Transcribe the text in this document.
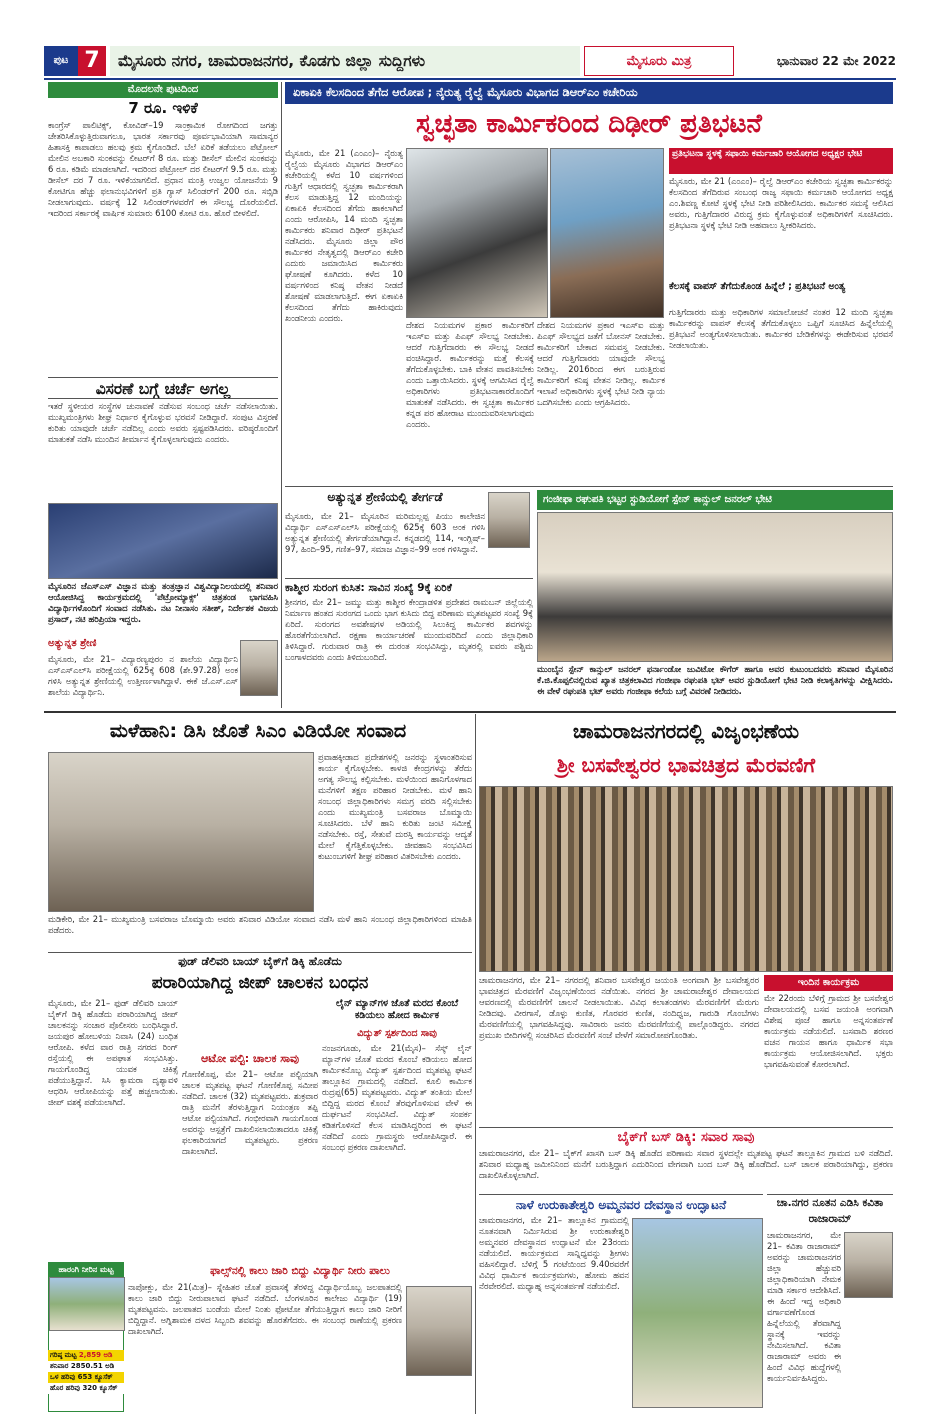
ಪುಟ 7	ಮೈಸೂರು ನಗರ, ಚಾಮರಾಜನಗರ, ಕೊಡಗು ಜಿಲ್ಲಾ ಸುದ್ದಿಗಳು	ಮೈಸೂರು ಮಿತ್ರ	ಭಾನುವಾರ 22 ಮೇ 2022
ಮೊದಲನೇ ಪುಟದಿಂದ
7 ರೂ. ಇಳಿಕೆ
ಕಾಂಗ್ರೆಸ್ ಪಾಲಿಟಿಕ್ಸ್‌, ಕೋವಿಡ್–19 ಸಾಂಕ್ರಾಮಿಕ ರೋಗದಿಂದ ಜಗತ್ತು ಚೇತರಿಸಿಕೊಳ್ಳುತ್ತಿರುವಾಗಲೂ, ಭಾರತ ಸರ್ಕಾರವು ಪೂರ್ವಭಾವಿಯಾಗಿ ಸಾಮಾನ್ಯರ ಹಿತಾಸಕ್ತಿ ಕಾಪಾಡಲು ಹಲವು ಕ್ರಮ ಕೈಗೊಂಡಿದೆ. ಬೆಲೆ ಏರಿಕೆ ತಡೆಯಲು ಪೆಟ್ರೋಲ್ ಮೇಲಿನ ಅಬಕಾರಿ ಸುಂಕವನ್ನು ಲೀಟರ್‌ಗೆ 8 ರೂ. ಮತ್ತು ಡೀಸೆಲ್ ಮೇಲಿನ ಸುಂಕವನ್ನು 6 ರೂ. ಕಡಿಮೆ ಮಾಡಲಾಗಿದೆ. ಇದರಿಂದ ಪೆಟ್ರೋಲ್ ದರ ಲೀಟರ್‌ಗೆ 9.5 ರೂ. ಮತ್ತು ಡೀಸೆಲ್ ದರ 7 ರೂ. ಇಳಿಕೆಯಾಗಲಿದೆ. ಪ್ರಧಾನ ಮಂತ್ರಿ ಉಜ್ವಲ ಯೋಜನೆಯ 9 ಕೋಟಿಗೂ ಹೆಚ್ಚು ಫಲಾನುಭವಿಗಳಿಗೆ ಪ್ರತಿ ಗ್ಯಾಸ್ ಸಿಲಿಂಡರ್‌ಗೆ 200 ರೂ. ಸಬ್ಸಿಡಿ ನೀಡಲಾಗುವುದು. ವರ್ಷಕ್ಕೆ 12 ಸಿಲಿಂಡರ್‌ಗಳವರೆಗೆ ಈ ಸೌಲಭ್ಯ ದೊರೆಯಲಿದೆ. ಇದರಿಂದ ಸರ್ಕಾರಕ್ಕೆ ವಾರ್ಷಿಕ ಸುಮಾರು 6100 ಕೋಟಿ ರೂ. ಹೊರೆ ಬೀಳಲಿದೆ.
ವಿಸರಣೆ ಬಗ್ಗೆ ಚರ್ಚೆ ಅಗಲ್ಲ
ಇತರೆ ಸ್ಥಳೀಯರ ಸಂಸ್ಥೆಗಳ ಚುನಾವಣೆ ನಡೆಸುವ ಸಂಬಂಧ ಚರ್ಚೆ ನಡೆಸಲಾಯಿತು. ಮುಖ್ಯಮಂತ್ರಿಗಳು ಶೀಘ್ರ ನಿರ್ಧಾರ ಕೈಗೊಳ್ಳುವ ಭರವಸೆ ನೀಡಿದ್ದಾರೆ. ಸಂಪುಟ ವಿಸ್ತರಣೆ ಕುರಿತು ಯಾವುದೇ ಚರ್ಚೆ ನಡೆದಿಲ್ಲ ಎಂದು ಅವರು ಸ್ಪಷ್ಟಪಡಿಸಿದರು. ವರಿಷ್ಠರೊಂದಿಗೆ ಮಾತುಕತೆ ನಡೆಸಿ ಮುಂದಿನ ತೀರ್ಮಾನ ಕೈಗೊಳ್ಳಲಾಗುವುದು ಎಂದರು.
ಮೈಸೂರಿನ ಜೆಎಸ್‌ಎಸ್ ವಿಜ್ಞಾನ ಮತ್ತು ತಂತ್ರಜ್ಞಾನ ವಿಶ್ವವಿದ್ಯಾನಿಲಯದಲ್ಲಿ ಶನಿವಾರ ಆಯೋಜಿಸಿದ್ದ ಕಾರ್ಯಕ್ರಮದಲ್ಲಿ 'ಪೆಟ್ರೋಮ್ಯಾಕ್ಸ್' ಚಿತ್ರತಂಡ ಭಾಗವಹಿಸಿ ವಿದ್ಯಾರ್ಥಿಗಳೊಂದಿಗೆ ಸಂವಾದ ನಡೆಸಿತು. ನಟ ನೀನಾಸಂ ಸತೀಶ್, ನಿರ್ದೇಶಕ ವಿಜಯ ಪ್ರಸಾದ್, ನಟಿ ಹರಿಪ್ರಿಯಾ ಇದ್ದರು.
ಅತ್ಯುನ್ನತ ಶ್ರೇಣಿ
ಮೈಸೂರು, ಮೇ 21– ವಿದ್ಯಾರಣ್ಯಪುರಂ ನ ಶಾಲೆಯ ವಿದ್ಯಾರ್ಥಿನಿ ಎಸ್‌ಎಸ್‌ಎಲ್‌ಸಿ ಪರೀಕ್ಷೆಯಲ್ಲಿ 625ಕ್ಕೆ 608 (ಶೇ.97.28) ಅಂಕ ಗಳಿಸಿ ಅತ್ಯುನ್ನತ ಶ್ರೇಣಿಯಲ್ಲಿ ಉತ್ತೀರ್ಣಳಾಗಿದ್ದಾಳೆ. ಈಕೆ ಜೆ.ಎಸ್.ಎಸ್ ಶಾಲೆಯ ವಿದ್ಯಾರ್ಥಿನಿ.
ಏಕಾಏಕಿ ಕೆಲಸದಿಂದ ತೆಗೆದ ಆರೋಪ ; ನೈರುತ್ಯ ರೈಲ್ವೆ ಮೈಸೂರು ವಿಭಾಗದ ಡಿಆರ್‌ಎಂ ಕಚೇರಿಯ
ಸ್ವಚ್ಛತಾ ಕಾರ್ಮಿಕರಿಂದ ದಿಢೀರ್ ಪ್ರತಿಭಟನೆ
ಮೈಸೂರು, ಮೇ 21 (ಎಂಎಂ)– ನೈರುತ್ಯ ರೈಲ್ವೆಯ ಮೈಸೂರು ವಿಭಾಗದ ಡಿಆರ್‌ಎಂ ಕಚೇರಿಯಲ್ಲಿ ಕಳೆದ 10 ವರ್ಷಗಳಿಂದ ಗುತ್ತಿಗೆ ಆಧಾರದಲ್ಲಿ ಸ್ವಚ್ಛತಾ ಕಾರ್ಮಿಕರಾಗಿ ಕೆಲಸ ಮಾಡುತ್ತಿದ್ದ 12 ಮಂದಿಯನ್ನು ಏಕಾಏಕಿ ಕೆಲಸದಿಂದ ತೆಗೆದು ಹಾಕಲಾಗಿದೆ ಎಂದು ಆರೋಪಿಸಿ, 14 ಮಂದಿ ಸ್ವಚ್ಛತಾ ಕಾರ್ಮಿಕರು ಶನಿವಾರ ದಿಢೀರ್ ಪ್ರತಿಭಟನೆ ನಡೆಸಿದರು. ಮೈಸೂರು ಜಿಲ್ಲಾ ಪೌರ ಕಾರ್ಮಿಕರ ನೇತೃತ್ವದಲ್ಲಿ ಡಿಆರ್‌ಎಂ ಕಚೇರಿ ಎದುರು ಜಮಾಯಿಸಿದ ಕಾರ್ಮಿಕರು ಘೋಷಣೆ ಕೂಗಿದರು. ಕಳೆದ 10 ವರ್ಷಗಳಿಂದ ಕನಿಷ್ಠ ವೇತನ ನೀಡದೆ ಶೋಷಣೆ ಮಾಡಲಾಗುತ್ತಿದೆ. ಈಗ ಏಕಾಏಕಿ ಕೆಲಸದಿಂದ ತೆಗೆದು ಹಾಕಿರುವುದು ಖಂಡನೀಯ ಎಂದರು.
ದೇಶದ ನಿಯಮಗಳ ಪ್ರಕಾರ ಕಾರ್ಮಿಕರಿಗೆ ಇಎಸ್‌ಐ ಮತ್ತು ಪಿಎಫ್ ಸೌಲಭ್ಯ ನೀಡಬೇಕು. ಆದರೆ ಗುತ್ತಿಗೆದಾರರು ಈ ಸೌಲಭ್ಯ ನೀಡದೆ ವಂಚಿಸಿದ್ದಾರೆ. ಕಾರ್ಮಿಕರನ್ನು ಮತ್ತೆ ಕೆಲಸಕ್ಕೆ ತೆಗೆದುಕೊಳ್ಳಬೇಕು. ಬಾಕಿ ವೇತನ ಪಾವತಿಸಬೇಕು ಎಂದು ಒತ್ತಾಯಿಸಿದರು. ಸ್ಥಳಕ್ಕೆ ಆಗಮಿಸಿದ ರೈಲ್ವೆ ಅಧಿಕಾರಿಗಳು ಪ್ರತಿಭಟನಾಕಾರರೊಂದಿಗೆ ಮಾತುಕತೆ ನಡೆಸಿದರು. ಈ ಸ್ವಚ್ಛತಾ ಕಾರ್ಮಿಕರ ಕನ್ನಡ ಪರ ಹೋರಾಟ ಮುಂದುವರಿಸಲಾಗುವುದು ಎಂದರು.
ದೇಶದ ನಿಯಮಗಳ ಪ್ರಕಾರ ಇಎಸ್‌ಐ ಮತ್ತು ಪಿಎಫ್ ಸೌಲಭ್ಯದ ಜತೆಗೆ ಬೋನಸ್ ನೀಡಬೇಕು. ಕಾರ್ಮಿಕರಿಗೆ ಬೇಕಾದ ಸಮವಸ್ತ್ರ ನೀಡಬೇಕು. ಆದರೆ ಗುತ್ತಿಗೆದಾರರು ಯಾವುದೇ ಸೌಲಭ್ಯ ನೀಡಿಲ್ಲ. 2016ರಿಂದ ಈಗ ಬರುತ್ತಿರುವ ಕಾರ್ಮಿಕರಿಗೆ ಕನಿಷ್ಠ ವೇತನ ನೀಡಿಲ್ಲ. ಕಾರ್ಮಿಕ ಇಲಾಖೆ ಅಧಿಕಾರಿಗಳು ಸ್ಥಳಕ್ಕೆ ಭೇಟಿ ನೀಡಿ ನ್ಯಾಯ ಒದಗಿಸಬೇಕು ಎಂದು ಆಗ್ರಹಿಸಿದರು.
ಪ್ರತಿಭಟನಾ ಸ್ಥಳಕ್ಕೆ ಸಫಾಯಿ ಕರ್ಮಚಾರಿ ಆಯೋಗದ ಅಧ್ಯಕ್ಷರ ಭೇಟಿ
ಮೈಸೂರು, ಮೇ 21 (ಎಂಎಂ)– ರೈಲ್ವೆ ಡಿಆರ್‌ಎಂ ಕಚೇರಿಯ ಸ್ವಚ್ಛತಾ ಕಾರ್ಮಿಕರನ್ನು ಕೆಲಸದಿಂದ ತೆಗೆದಿರುವ ಸಂಬಂಧ ರಾಜ್ಯ ಸಫಾಯಿ ಕರ್ಮಚಾರಿ ಆಯೋಗದ ಅಧ್ಯಕ್ಷ ಎಂ.ಶಿವಣ್ಣ ಕೋಟೆ ಸ್ಥಳಕ್ಕೆ ಭೇಟಿ ನೀಡಿ ಪರಿಶೀಲಿಸಿದರು. ಕಾರ್ಮಿಕರ ಸಮಸ್ಯೆ ಆಲಿಸಿದ ಅವರು, ಗುತ್ತಿಗೆದಾರರ ವಿರುದ್ಧ ಕ್ರಮ ಕೈಗೊಳ್ಳುವಂತೆ ಅಧಿಕಾರಿಗಳಿಗೆ ಸೂಚಿಸಿದರು. ಪ್ರತಿಭಟನಾ ಸ್ಥಳಕ್ಕೆ ಭೇಟಿ ನೀಡಿ ಅಹವಾಲು ಸ್ವೀಕರಿಸಿದರು.
ಕೆಲಸಕ್ಕೆ ವಾಪಸ್ ತೆಗೆದುಕೊಂಡ ಹಿನ್ನೆಲೆ ; ಪ್ರತಿಭಟನೆ ಅಂತ್ಯ
ಗುತ್ತಿಗೆದಾರರು ಮತ್ತು ಅಧಿಕಾರಿಗಳ ಸಮಾಲೋಚನೆ ನಂತರ 12 ಮಂದಿ ಸ್ವಚ್ಛತಾ ಕಾರ್ಮಿಕರನ್ನು ವಾಪಸ್ ಕೆಲಸಕ್ಕೆ ತೆಗೆದುಕೊಳ್ಳಲು ಒಪ್ಪಿಗೆ ಸೂಚಿಸಿದ ಹಿನ್ನೆಲೆಯಲ್ಲಿ ಪ್ರತಿಭಟನೆ ಅಂತ್ಯಗೊಳಿಸಲಾಯಿತು. ಕಾರ್ಮಿಕರ ಬೇಡಿಕೆಗಳನ್ನು ಈಡೇರಿಸುವ ಭರವಸೆ ನೀಡಲಾಯಿತು.
ಅತ್ಯುನ್ನತ ಶ್ರೇಣಿಯಲ್ಲಿ ತೇರ್ಗಡೆ
ಮೈಸೂರು, ಮೇ 21– ಮೈಸೂರಿನ ಮರಿಮಲ್ಲಪ್ಪ ಪಿಯು ಕಾಲೇಜಿನ ವಿದ್ಯಾರ್ಥಿ ಎಸ್‌ಎಸ್‌ಎಲ್‌ಸಿ ಪರೀಕ್ಷೆಯಲ್ಲಿ 625ಕ್ಕೆ 603 ಅಂಕ ಗಳಿಸಿ ಅತ್ಯುನ್ನತ ಶ್ರೇಣಿಯಲ್ಲಿ ತೇರ್ಗಡೆಯಾಗಿದ್ದಾನೆ. ಕನ್ನಡದಲ್ಲಿ 114, ಇಂಗ್ಲಿಷ್–97, ಹಿಂದಿ–95, ಗಣಿತ–97, ಸಮಾಜ ವಿಜ್ಞಾನ–99 ಅಂಕ ಗಳಿಸಿದ್ದಾನೆ.
ಕಾಶ್ಮೀರ ಸುರಂಗ ಕುಸಿತ: ಸಾವಿನ ಸಂಖ್ಯೆ 9ಕ್ಕೆ ಏರಿಕೆ
ಶ್ರೀನಗರ, ಮೇ 21– ಜಮ್ಮು ಮತ್ತು ಕಾಶ್ಮೀರ ಕೇಂದ್ರಾಡಳಿತ ಪ್ರದೇಶದ ರಾಮಬನ್ ಜಿಲ್ಲೆಯಲ್ಲಿ ನಿರ್ಮಾಣ ಹಂತದ ಸುರಂಗದ ಒಂದು ಭಾಗ ಕುಸಿದು ಬಿದ್ದ ಪರಿಣಾಮ ಮೃತಪಟ್ಟವರ ಸಂಖ್ಯೆ 9ಕ್ಕೆ ಏರಿದೆ. ಸುರಂಗದ ಅವಶೇಷಗಳ ಅಡಿಯಲ್ಲಿ ಸಿಲುಕಿದ್ದ ಕಾರ್ಮಿಕರ ಶವಗಳನ್ನು ಹೊರತೆಗೆಯಲಾಗಿದೆ. ರಕ್ಷಣಾ ಕಾರ್ಯಾಚರಣೆ ಮುಂದುವರಿದಿದೆ ಎಂದು ಜಿಲ್ಲಾಧಿಕಾರಿ ತಿಳಿಸಿದ್ದಾರೆ. ಗುರುವಾರ ರಾತ್ರಿ ಈ ದುರಂತ ಸಂಭವಿಸಿದ್ದು, ಮೃತರಲ್ಲಿ ಐವರು ಪಶ್ಚಿಮ ಬಂಗಾಳದವರು ಎಂದು ತಿಳಿದುಬಂದಿದೆ.
ಗಂಜೀಫಾ ರಘುಪತಿ ಭಟ್ಟರ ಸ್ಟುಡಿಯೋಗೆ ಸ್ಪೇನ್ ಕಾನ್ಸುಲ್ ಜನರಲ್ ಭೇಟಿ
ಮುಂಬೈನ ಸ್ಪೇನ್ ಕಾನ್ಸುಲ್ ಜನರಲ್ ಫರ್ನಾಂಡೋ ಜುವಿಟೋ ಕೌಗೆರ್ ಹಾಗೂ ಅವರ ಕುಟುಂಬದವರು ಶನಿವಾರ ಮೈಸೂರಿನ ಕೆ.ಜಿ.ಕೊಪ್ಪಲಿನಲ್ಲಿರುವ ಖ್ಯಾತ ಚಿತ್ರಕಲಾವಿದ ಗಂಜೀಫಾ ರಘುಪತಿ ಭಟ್ ಅವರ ಸ್ಟುಡಿಯೋಗೆ ಭೇಟಿ ನೀಡಿ ಕಲಾಕೃತಿಗಳನ್ನು ವೀಕ್ಷಿಸಿದರು. ಈ ವೇಳೆ ರಘುಪತಿ ಭಟ್ ಅವರು ಗಂಜೀಫಾ ಕಲೆಯ ಬಗ್ಗೆ ವಿವರಣೆ ನೀಡಿದರು.
ಮಳೆಹಾನಿ: ಡಿಸಿ ಜೊತೆ ಸಿಎಂ ವಿಡಿಯೋ ಸಂವಾದ
ಪ್ರವಾಹಕ್ಕೀಡಾದ ಪ್ರದೇಶಗಳಲ್ಲಿ ಜನರನ್ನು ಸ್ಥಳಾಂತರಿಸುವ ಕಾರ್ಯ ಕೈಗೊಳ್ಳಬೇಕು. ಕಾಳಜಿ ಕೇಂದ್ರಗಳನ್ನು ತೆರೆದು ಅಗತ್ಯ ಸೌಲಭ್ಯ ಕಲ್ಪಿಸಬೇಕು. ಮಳೆಯಿಂದ ಹಾನಿಗೊಳಗಾದ ಮನೆಗಳಿಗೆ ತಕ್ಷಣ ಪರಿಹಾರ ನೀಡಬೇಕು. ಮಳೆ ಹಾನಿ ಸಂಬಂಧ ಜಿಲ್ಲಾಧಿಕಾರಿಗಳು ಸಮಗ್ರ ವರದಿ ಸಲ್ಲಿಸಬೇಕು ಎಂದು ಮುಖ್ಯಮಂತ್ರಿ ಬಸವರಾಜ ಬೊಮ್ಮಾಯಿ ಸೂಚಿಸಿದರು. ಬೆಳೆ ಹಾನಿ ಕುರಿತು ಜಂಟಿ ಸಮೀಕ್ಷೆ ನಡೆಸಬೇಕು. ರಸ್ತೆ, ಸೇತುವೆ ದುರಸ್ತಿ ಕಾರ್ಯವನ್ನು ಆದ್ಯತೆ ಮೇಲೆ ಕೈಗೆತ್ತಿಕೊಳ್ಳಬೇಕು. ಜೀವಹಾನಿ ಸಂಭವಿಸಿದ ಕುಟುಂಬಗಳಿಗೆ ಶೀಘ್ರ ಪರಿಹಾರ ವಿತರಿಸಬೇಕು ಎಂದರು.
ಮಡಿಕೇರಿ, ಮೇ 21– ಮುಖ್ಯಮಂತ್ರಿ ಬಸವರಾಜ ಬೊಮ್ಮಾಯಿ ಅವರು ಶನಿವಾರ ವಿಡಿಯೋ ಸಂವಾದ ನಡೆಸಿ ಮಳೆ ಹಾನಿ ಸಂಬಂಧ ಜಿಲ್ಲಾಧಿಕಾರಿಗಳಿಂದ ಮಾಹಿತಿ ಪಡೆದರು.
ಫುಡ್ ಡೆಲಿವರಿ ಬಾಯ್ ಬೈಕ್‌ಗೆ ಡಿಕ್ಕಿ ಹೊಡೆದು
ಪರಾರಿಯಾಗಿದ್ದ ಜೀಪ್ ಚಾಲಕನ ಬಂಧನ
ಮೈಸೂರು, ಮೇ 21– ಫುಡ್ ಡೆಲಿವರಿ ಬಾಯ್ ಬೈಕ್‌ಗೆ ಡಿಕ್ಕಿ ಹೊಡೆದು ಪರಾರಿಯಾಗಿದ್ದ ಜೀಪ್ ಚಾಲಕನನ್ನು ಸಂಚಾರ ಪೊಲೀಸರು ಬಂಧಿಸಿದ್ದಾರೆ. ಜಯಪುರ ಹೋಬಳಿಯ ನಿವಾಸಿ (24) ಬಂಧಿತ ಆರೋಪಿ. ಕಳೆದ ವಾರ ರಾತ್ರಿ ನಗರದ ರಿಂಗ್ ರಸ್ತೆಯಲ್ಲಿ ಈ ಅಪಘಾತ ಸಂಭವಿಸಿತ್ತು. ಗಾಯಗೊಂಡಿದ್ದ ಯುವಕ ಚಿಕಿತ್ಸೆ ಪಡೆಯುತ್ತಿದ್ದಾನೆ. ಸಿಸಿ ಕ್ಯಾಮರಾ ದೃಶ್ಯಾವಳಿ ಆಧರಿಸಿ ಆರೋಪಿಯನ್ನು ಪತ್ತೆ ಹಚ್ಚಲಾಯಿತು. ಜೀಪ್ ವಶಕ್ಕೆ ಪಡೆಯಲಾಗಿದೆ.
ಲೈನ್ ಮ್ಯಾನ್‌ಗಳ ಜೊತೆ ಮರದ ಕೊಂಬೆ ಕಡಿಯಲು ಹೋದ ಕಾರ್ಮಿಕ
ವಿದ್ಯುತ್ ಸ್ಪರ್ಶದಿಂದ ಸಾವು
ನಂಜನಗೂಡು, ಮೇ 21(ಮೈಸ)– ಸೆಸ್ಕ್ ಲೈನ್ ಮ್ಯಾನ್‌ಗಳ ಜೊತೆ ಮರದ ಕೊಂಬೆ ಕಡಿಯಲು ಹೋದ ಕಾರ್ಮಿಕನೊಬ್ಬ ವಿದ್ಯುತ್ ಸ್ಪರ್ಶದಿಂದ ಮೃತಪಟ್ಟ ಘಟನೆ ತಾಲ್ಲೂಕಿನ ಗ್ರಾಮದಲ್ಲಿ ನಡೆದಿದೆ. ಕೂಲಿ ಕಾರ್ಮಿಕ ರುದ್ರಪ್ಪ(65) ಮೃತಪಟ್ಟವರು. ವಿದ್ಯುತ್ ತಂತಿಯ ಮೇಲೆ ಬಿದ್ದಿದ್ದ ಮರದ ಕೊಂಬೆ ತೆರವುಗೊಳಿಸುವ ವೇಳೆ ಈ ದುರ್ಘಟನೆ ಸಂಭವಿಸಿದೆ. ವಿದ್ಯುತ್ ಸಂಪರ್ಕ ಕಡಿತಗೊಳಿಸದೆ ಕೆಲಸ ಮಾಡಿಸಿದ್ದರಿಂದ ಈ ಘಟನೆ ನಡೆದಿದೆ ಎಂದು ಗ್ರಾಮಸ್ಥರು ಆರೋಪಿಸಿದ್ದಾರೆ. ಈ ಸಂಬಂಧ ಪ್ರಕರಣ ದಾಖಲಾಗಿದೆ.
ಆಟೋ ಪಲ್ಟಿ: ಚಾಲಕ ಸಾವು
ಗೋಣಿಕೊಪ್ಪ, ಮೇ 21– ಆಟೋ ಪಲ್ಟಿಯಾಗಿ ಚಾಲಕ ಮೃತಪಟ್ಟ ಘಟನೆ ಗೋಣಿಕೊಪ್ಪ ಸಮೀಪ ನಡೆದಿದೆ. ಚಾಲಕ (32) ಮೃತಪಟ್ಟವರು. ಶುಕ್ರವಾರ ರಾತ್ರಿ ಮನೆಗೆ ತೆರಳುತ್ತಿದ್ದಾಗ ನಿಯಂತ್ರಣ ತಪ್ಪಿ ಆಟೋ ಪಲ್ಟಿಯಾಗಿದೆ. ಗಂಭೀರವಾಗಿ ಗಾಯಗೊಂಡ ಅವರನ್ನು ಆಸ್ಪತ್ರೆಗೆ ದಾಖಲಿಸಲಾಯಿತಾದರೂ ಚಿಕಿತ್ಸೆ ಫಲಕಾರಿಯಾಗದೆ ಮೃತಪಟ್ಟರು. ಪ್ರಕರಣ ದಾಖಲಾಗಿದೆ.
ಹಾರಂಗಿ ನೀರಿನ ಮಟ್ಟ
ಗರಿಷ್ಠ ಮಟ್ಟ 2,859 ಅಡಿ
ಶನಿವಾರ 2850.51 ಅಡಿ
ಒಳ ಹರಿವು 653 ಕ್ಯೂಸೆಕ್
ಹೊರ ಹರಿವು 320 ಕ್ಯೂಸೆಕ್
ಫಾಲ್ಸ್‌ನಲ್ಲಿ ಕಾಲು ಜಾರಿ ಬಿದ್ದು ವಿದ್ಯಾರ್ಥಿ ನೀರು ಪಾಲು
ನಾಪೋಕ್ಲು, ಮೇ 21(ಮಿತ್ರ)– ಸ್ನೇಹಿತರ ಜೊತೆ ಪ್ರವಾಸಕ್ಕೆ ತೆರಳಿದ್ದ ವಿದ್ಯಾರ್ಥಿಯೊಬ್ಬ ಜಲಪಾತದಲ್ಲಿ ಕಾಲು ಜಾರಿ ಬಿದ್ದು ನೀರುಪಾಲಾದ ಘಟನೆ ನಡೆದಿದೆ. ಬೆಂಗಳೂರಿನ ಕಾಲೇಜು ವಿದ್ಯಾರ್ಥಿ (19) ಮೃತಪಟ್ಟವನು. ಜಲಪಾತದ ಬಂಡೆಯ ಮೇಲೆ ನಿಂತು ಫೋಟೋ ತೆಗೆಯುತ್ತಿದ್ದಾಗ ಕಾಲು ಜಾರಿ ನೀರಿಗೆ ಬಿದ್ದಿದ್ದಾನೆ. ಅಗ್ನಿಶಾಮಕ ದಳದ ಸಿಬ್ಬಂದಿ ಶವವನ್ನು ಹೊರತೆಗೆದರು. ಈ ಸಂಬಂಧ ಠಾಣೆಯಲ್ಲಿ ಪ್ರಕರಣ ದಾಖಲಾಗಿದೆ.
ಚಾಮರಾಜನಗರದಲ್ಲಿ ವಿಜೃಂಭಣೆಯ
ಶ್ರೀ ಬಸವೇಶ್ವರರ ಭಾವಚಿತ್ರದ ಮೆರವಣಿಗೆ
ಚಾಮರಾಜನಗರ, ಮೇ 21– ನಗರದಲ್ಲಿ ಶನಿವಾರ ಬಸವೇಶ್ವರ ಜಯಂತಿ ಅಂಗವಾಗಿ ಶ್ರೀ ಬಸವೇಶ್ವರರ ಭಾವಚಿತ್ರದ ಮೆರವಣಿಗೆ ವಿಜೃಂಭಣೆಯಿಂದ ನಡೆಯಿತು. ನಗರದ ಶ್ರೀ ಚಾಮರಾಜೇಶ್ವರ ದೇವಾಲಯದ ಆವರಣದಲ್ಲಿ ಮೆರವಣಿಗೆಗೆ ಚಾಲನೆ ನೀಡಲಾಯಿತು. ವಿವಿಧ ಕಲಾತಂಡಗಳು ಮೆರವಣಿಗೆಗೆ ಮೆರುಗು ನೀಡಿದವು. ವೀರಗಾಸೆ, ಡೊಳ್ಳು ಕುಣಿತ, ಗೊರವರ ಕುಣಿತ, ನಂದಿಧ್ವಜ, ಗಾರುಡಿ ಗೊಂಬೆಗಳು ಮೆರವಣಿಗೆಯಲ್ಲಿ ಭಾಗವಹಿಸಿದ್ದವು. ಸಾವಿರಾರು ಜನರು ಮೆರವಣಿಗೆಯಲ್ಲಿ ಪಾಲ್ಗೊಂಡಿದ್ದರು. ನಗರದ ಪ್ರಮುಖ ಬೀದಿಗಳಲ್ಲಿ ಸಂಚರಿಸಿದ ಮೆರವಣಿಗೆ ಸಂಜೆ ವೇಳೆಗೆ ಸಮಾರೋಪಗೊಂಡಿತು.
ಇಂದಿನ ಕಾರ್ಯಕ್ರಮ
ಮೇ 22ರಂದು ಬೆಳಿಗ್ಗೆ ಗ್ರಾಮದ ಶ್ರೀ ಬಸವೇಶ್ವರ ದೇವಾಲಯದಲ್ಲಿ ಬಸವ ಜಯಂತಿ ಅಂಗವಾಗಿ ವಿಶೇಷ ಪೂಜೆ ಹಾಗೂ ಅನ್ನಸಂತರ್ಪಣೆ ಕಾರ್ಯಕ್ರಮ ನಡೆಯಲಿದೆ. ಬಸವಾದಿ ಶರಣರ ವಚನ ಗಾಯನ ಹಾಗೂ ಧಾರ್ಮಿಕ ಸಭಾ ಕಾರ್ಯಕ್ರಮ ಆಯೋಜಿಸಲಾಗಿದೆ. ಭಕ್ತರು ಭಾಗವಹಿಸುವಂತೆ ಕೋರಲಾಗಿದೆ.
ಬೈಕ್‌ಗೆ ಬಸ್ ಡಿಕ್ಕಿ: ಸವಾರ ಸಾವು
ಚಾಮರಾಜನಗರ, ಮೇ 21– ಬೈಕ್‌ಗೆ ಖಾಸಗಿ ಬಸ್ ಡಿಕ್ಕಿ ಹೊಡೆದ ಪರಿಣಾಮ ಸವಾರ ಸ್ಥಳದಲ್ಲೇ ಮೃತಪಟ್ಟ ಘಟನೆ ತಾಲ್ಲೂಕಿನ ಗ್ರಾಮದ ಬಳಿ ನಡೆದಿದೆ. ಶನಿವಾರ ಮಧ್ಯಾಹ್ನ ಜಮೀನಿನಿಂದ ಮನೆಗೆ ಬರುತ್ತಿದ್ದಾಗ ಎದುರಿನಿಂದ ವೇಗವಾಗಿ ಬಂದ ಬಸ್ ಡಿಕ್ಕಿ ಹೊಡೆದಿದೆ. ಬಸ್ ಚಾಲಕ ಪರಾರಿಯಾಗಿದ್ದು, ಪ್ರಕರಣ ದಾಖಲಿಸಿಕೊಳ್ಳಲಾಗಿದೆ.
ನಾಳೆ ಉರುಕಾತೇಶ್ವರಿ ಅಮ್ಮನವರ ದೇವಸ್ಥಾನ ಉದ್ಘಾಟನೆ
ಚಾಮರಾಜನಗರ, ಮೇ 21– ತಾಲ್ಲೂಕಿನ ಗ್ರಾಮದಲ್ಲಿ ನೂತನವಾಗಿ ನಿರ್ಮಿಸಿರುವ ಶ್ರೀ ಉರುಕಾತೇಶ್ವರಿ ಅಮ್ಮನವರ ದೇವಸ್ಥಾನದ ಉದ್ಘಾಟನೆ ಮೇ 23ರಂದು ನಡೆಯಲಿದೆ. ಕಾರ್ಯಕ್ರಮದ ಸಾನ್ನಿಧ್ಯವನ್ನು ಶ್ರೀಗಳು ವಹಿಸಲಿದ್ದಾರೆ. ಬೆಳಿಗ್ಗೆ 5 ಗಂಟೆಯಿಂದ 9.40ರವರೆಗೆ ವಿವಿಧ ಧಾರ್ಮಿಕ ಕಾರ್ಯಕ್ರಮಗಳು, ಹೋಮ ಹವನ ನೆರವೇರಲಿದೆ. ಮಧ್ಯಾಹ್ನ ಅನ್ನಸಂತರ್ಪಣೆ ನಡೆಯಲಿದೆ.
ಚಾ.ನಗರ ನೂತನ ಎಡಿಸಿ ಕವಿತಾ ರಾಜಾರಾಮ್
ಚಾಮರಾಜನಗರ, ಮೇ 21– ಕವಿತಾ ರಾಜಾರಾಮ್ ಅವರನ್ನು ಚಾಮರಾಜನಗರ ಜಿಲ್ಲಾ ಹೆಚ್ಚುವರಿ ಜಿಲ್ಲಾಧಿಕಾರಿಯಾಗಿ ನೇಮಕ ಮಾಡಿ ಸರ್ಕಾರ ಆದೇಶಿಸಿದೆ. ಈ ಹಿಂದೆ ಇದ್ದ ಅಧಿಕಾರಿ ವರ್ಗಾವಣೆಗೊಂಡ ಹಿನ್ನೆಲೆಯಲ್ಲಿ ತೆರವಾಗಿದ್ದ ಸ್ಥಾನಕ್ಕೆ ಇವರನ್ನು ನೇಮಿಸಲಾಗಿದೆ. ಕವಿತಾ ರಾಜಾರಾಮ್ ಅವರು ಈ ಹಿಂದೆ ವಿವಿಧ ಹುದ್ದೆಗಳಲ್ಲಿ ಕಾರ್ಯನಿರ್ವಹಿಸಿದ್ದರು.
